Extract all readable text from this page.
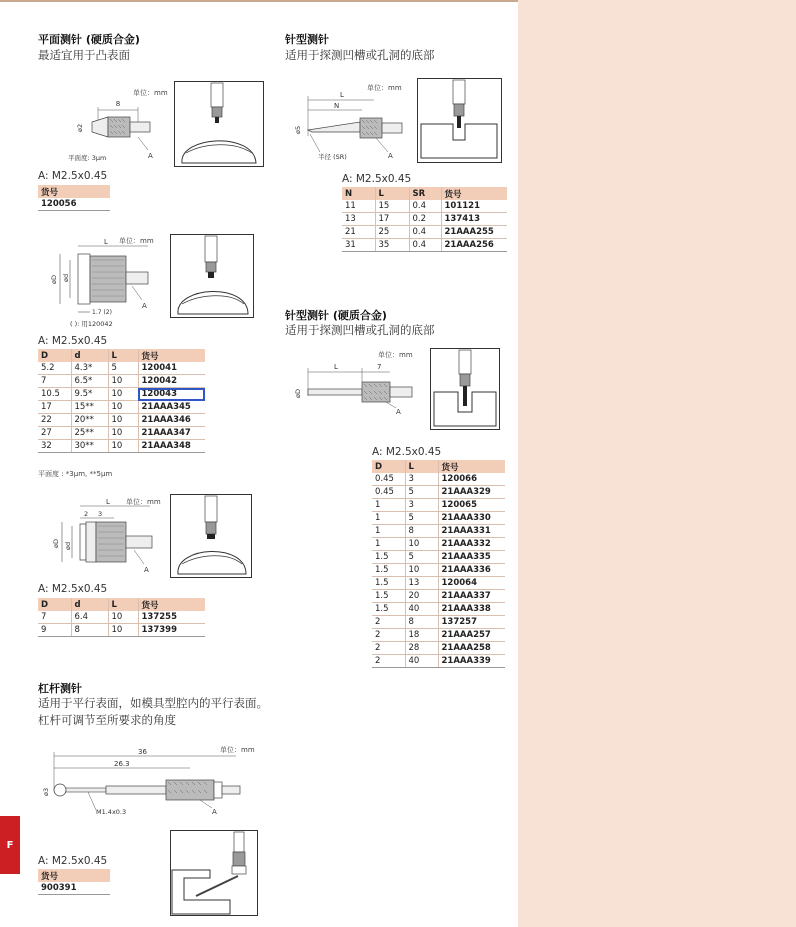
F
平面测针 (硬质合金)
最适宜用于凸表面
8
ø2
A
平面度: 3μm
单位：mm
A: M2.5x0.45
货号
120056
L
øD ød
1.7 (2)
A
( ): 用120042
单位：mm
A: M2.5x0.45
D	d	L	货号
5.2	4.3*	5	120041
7	6.5*	10	120042
10.5	9.5*	10	120043
17	15**	10	21AAA345
22	20**	10	21AAA346
27	25**	10	21AAA347
32	30**	10	21AAA348
平面度 : *3μm, **5μm
L
2 3
ød
øD
A
单位：mm
A: M2.5x0.45
D	d	L	货号
7	6.4	10	137255
9	8	10	137399
杠杆测针
适用于平行表面，如模具型腔内的平行表面。杠杆可调节至所要求的角度
36
26.3
ø3
M1.4x0.3	A
单位：mm
A: M2.5x0.45
货号
900391
针型测针
适用于探测凹槽或孔洞的底部
L
N
ø5
半径 (SR)	A
单位：mm
A: M2.5x0.45
N	L	SR	货号
11	15	0.4	101121
13	17	0.2	137413
21	25	0.4	21AAA255
31	35	0.4	21AAA256
针型测针 (硬质合金)
适用于探测凹槽或孔洞的底部
L	7
øD
A
单位：mm
A: M2.5x0.45
D	L	货号
0.45	3	120066
0.45	5	21AAA329
1	3	120065
1	5	21AAA330
1	8	21AAA331
1	10	21AAA332
1.5	5	21AAA335
1.5	10	21AAA336
1.5	13	120064
1.5	20	21AAA337
1.5	40	21AAA338
2	8	137257
2	18	21AAA257
2	28	21AAA258
2	40	21AAA339
